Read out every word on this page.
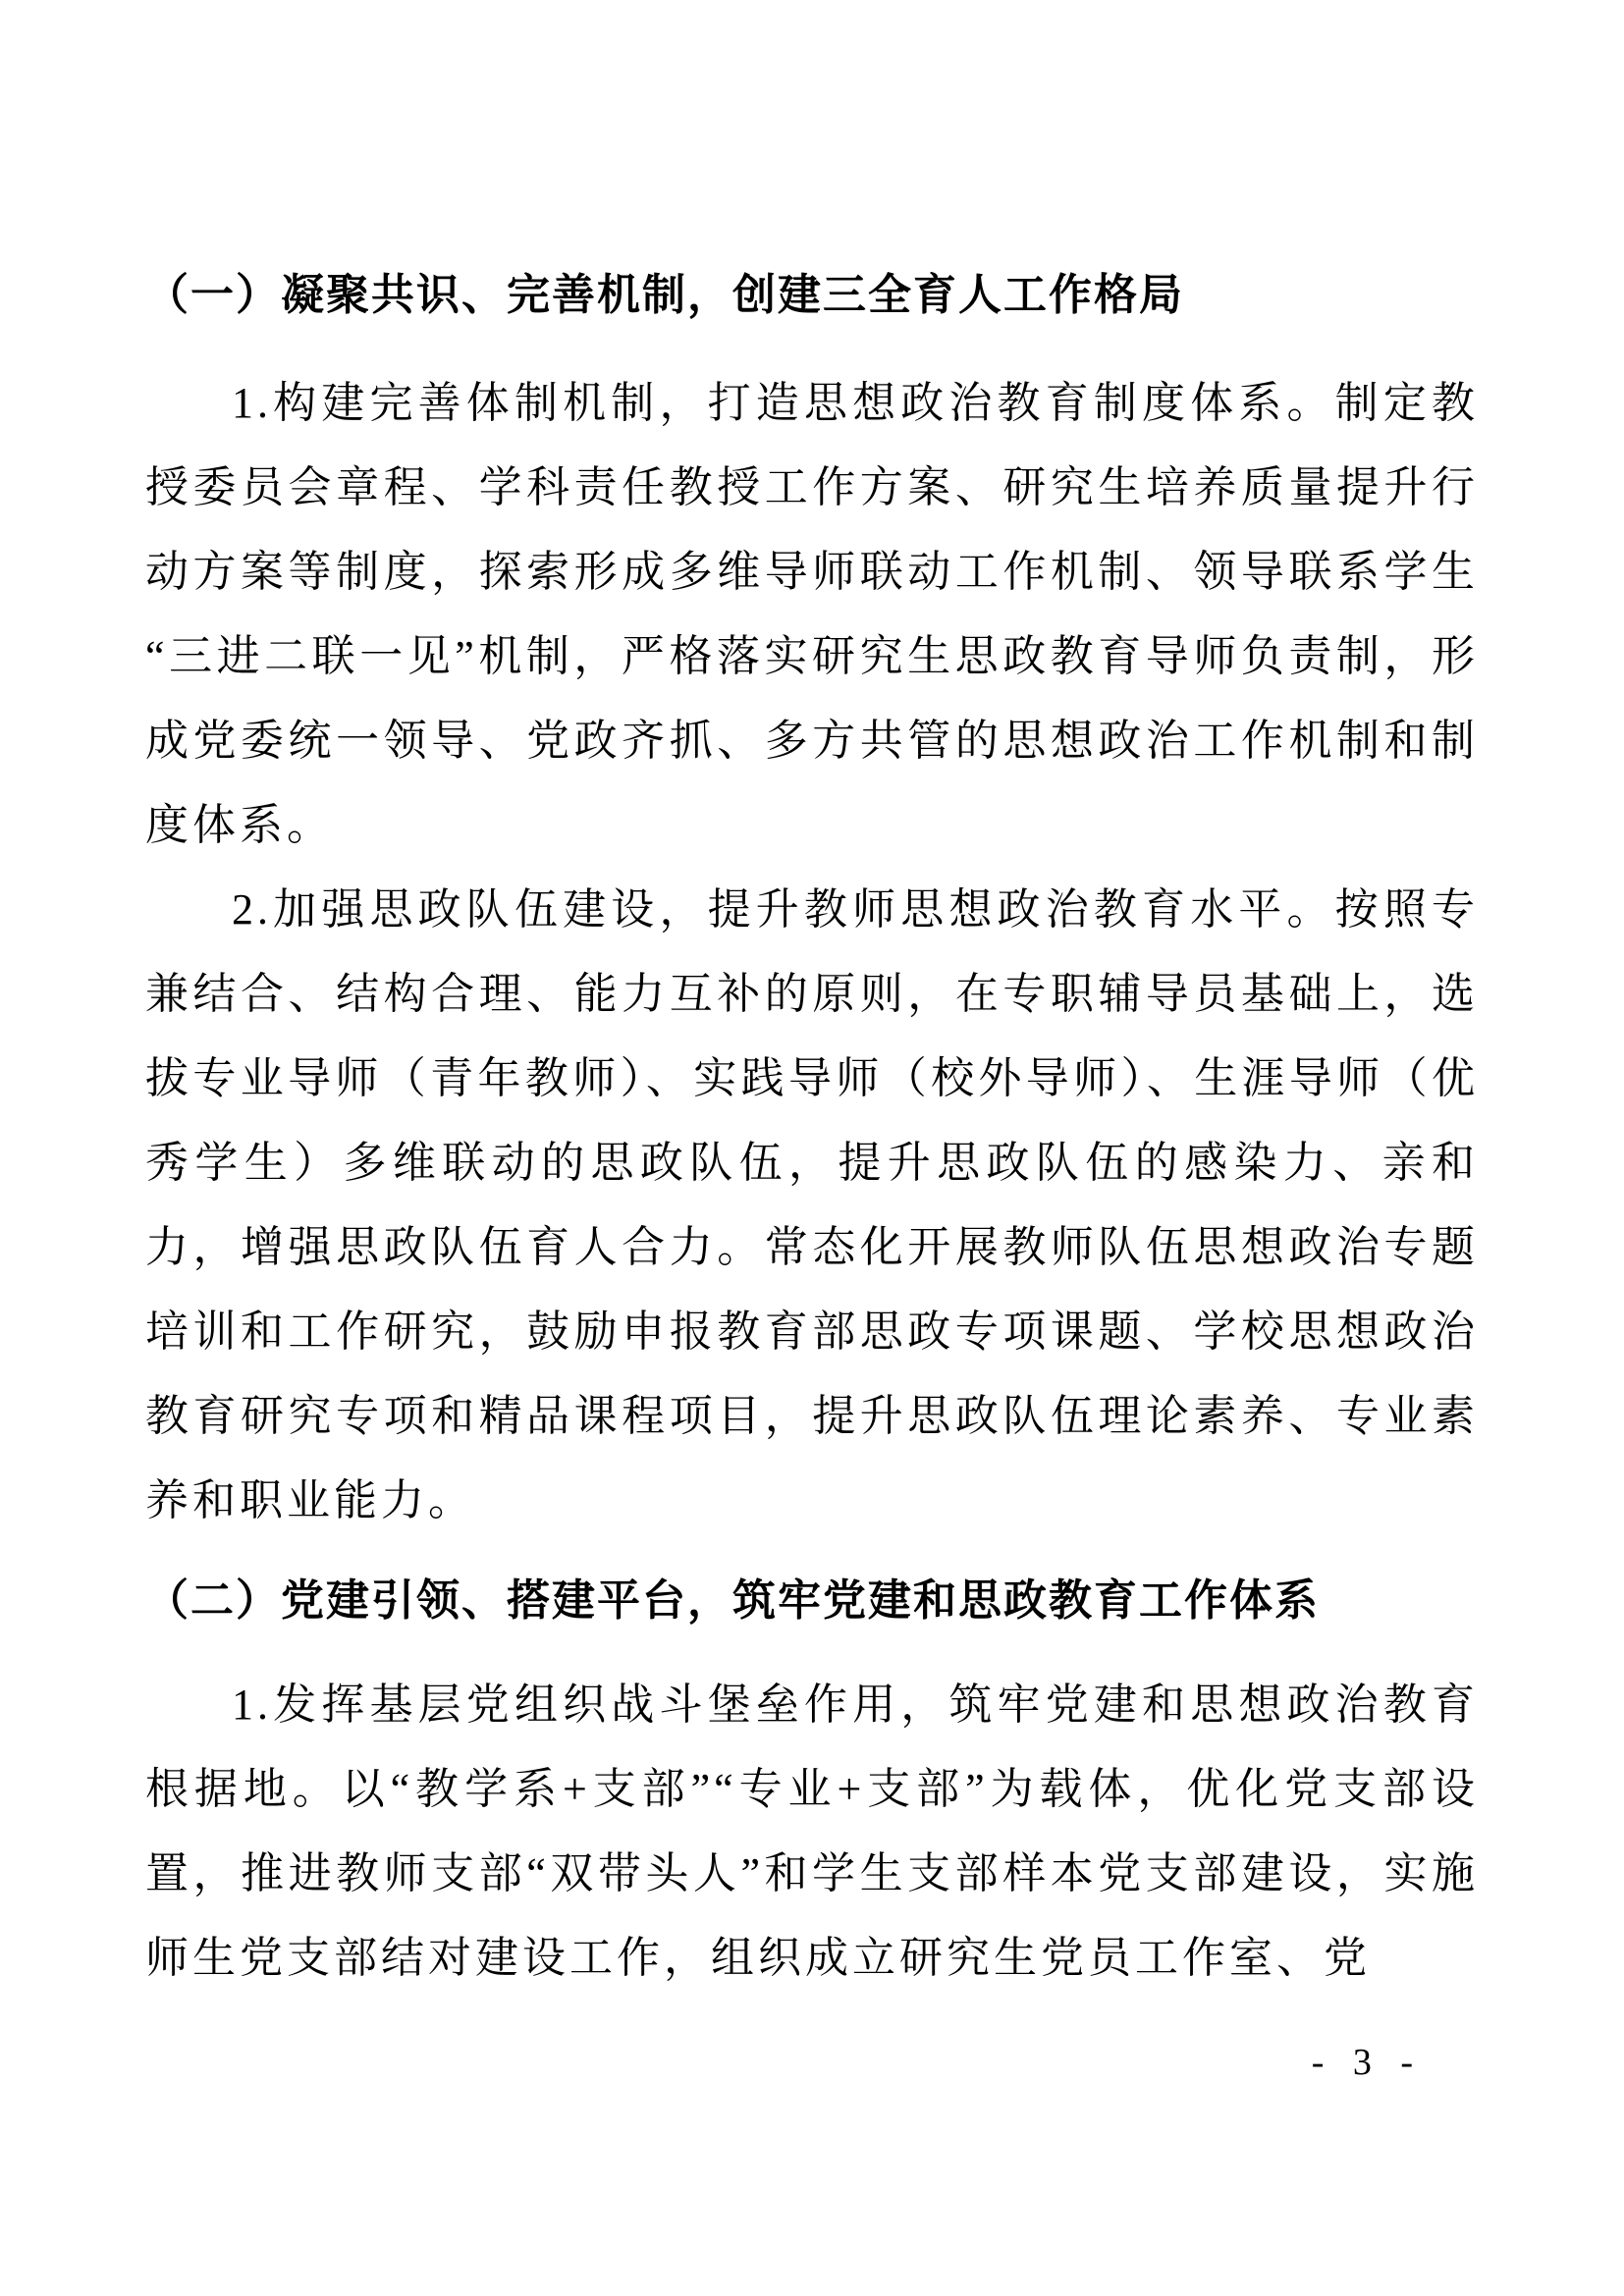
（一）凝聚共识、完善机制，创建三全育人工作格局

1.构建完善体制机制，打造思想政治教育制度体系。制定教授委员会章程、学科责任教授工作方案、研究生培养质量提升行动方案等制度，探索形成多维导师联动工作机制、领导联系学生“三进二联一见”机制，严格落实研究生思政教育导师负责制，形成党委统一领导、党政齐抓、多方共管的思想政治工作机制和制度体系。

2.加强思政队伍建设，提升教师思想政治教育水平。按照专兼结合、结构合理、能力互补的原则，在专职辅导员基础上，选拔专业导师（青年教师）、实践导师（校外导师）、生涯导师（优秀学生）多维联动的思政队伍，提升思政队伍的感染力、亲和力，增强思政队伍育人合力。常态化开展教师队伍思想政治专题培训和工作研究，鼓励申报教育部思政专项课题、学校思想政治教育研究专项和精品课程项目，提升思政队伍理论素养、专业素养和职业能力。

（二）党建引领、搭建平台，筑牢党建和思政教育工作体系

1.发挥基层党组织战斗堡垒作用，筑牢党建和思想政治教育根据地。以“教学系+支部”“专业+支部”为载体，优化党支部设置，推进教师支部“双带头人”和学生支部样本党支部建设，实施师生党支部结对建设工作，组织成立研究生党员工作室、党

- 3 -
